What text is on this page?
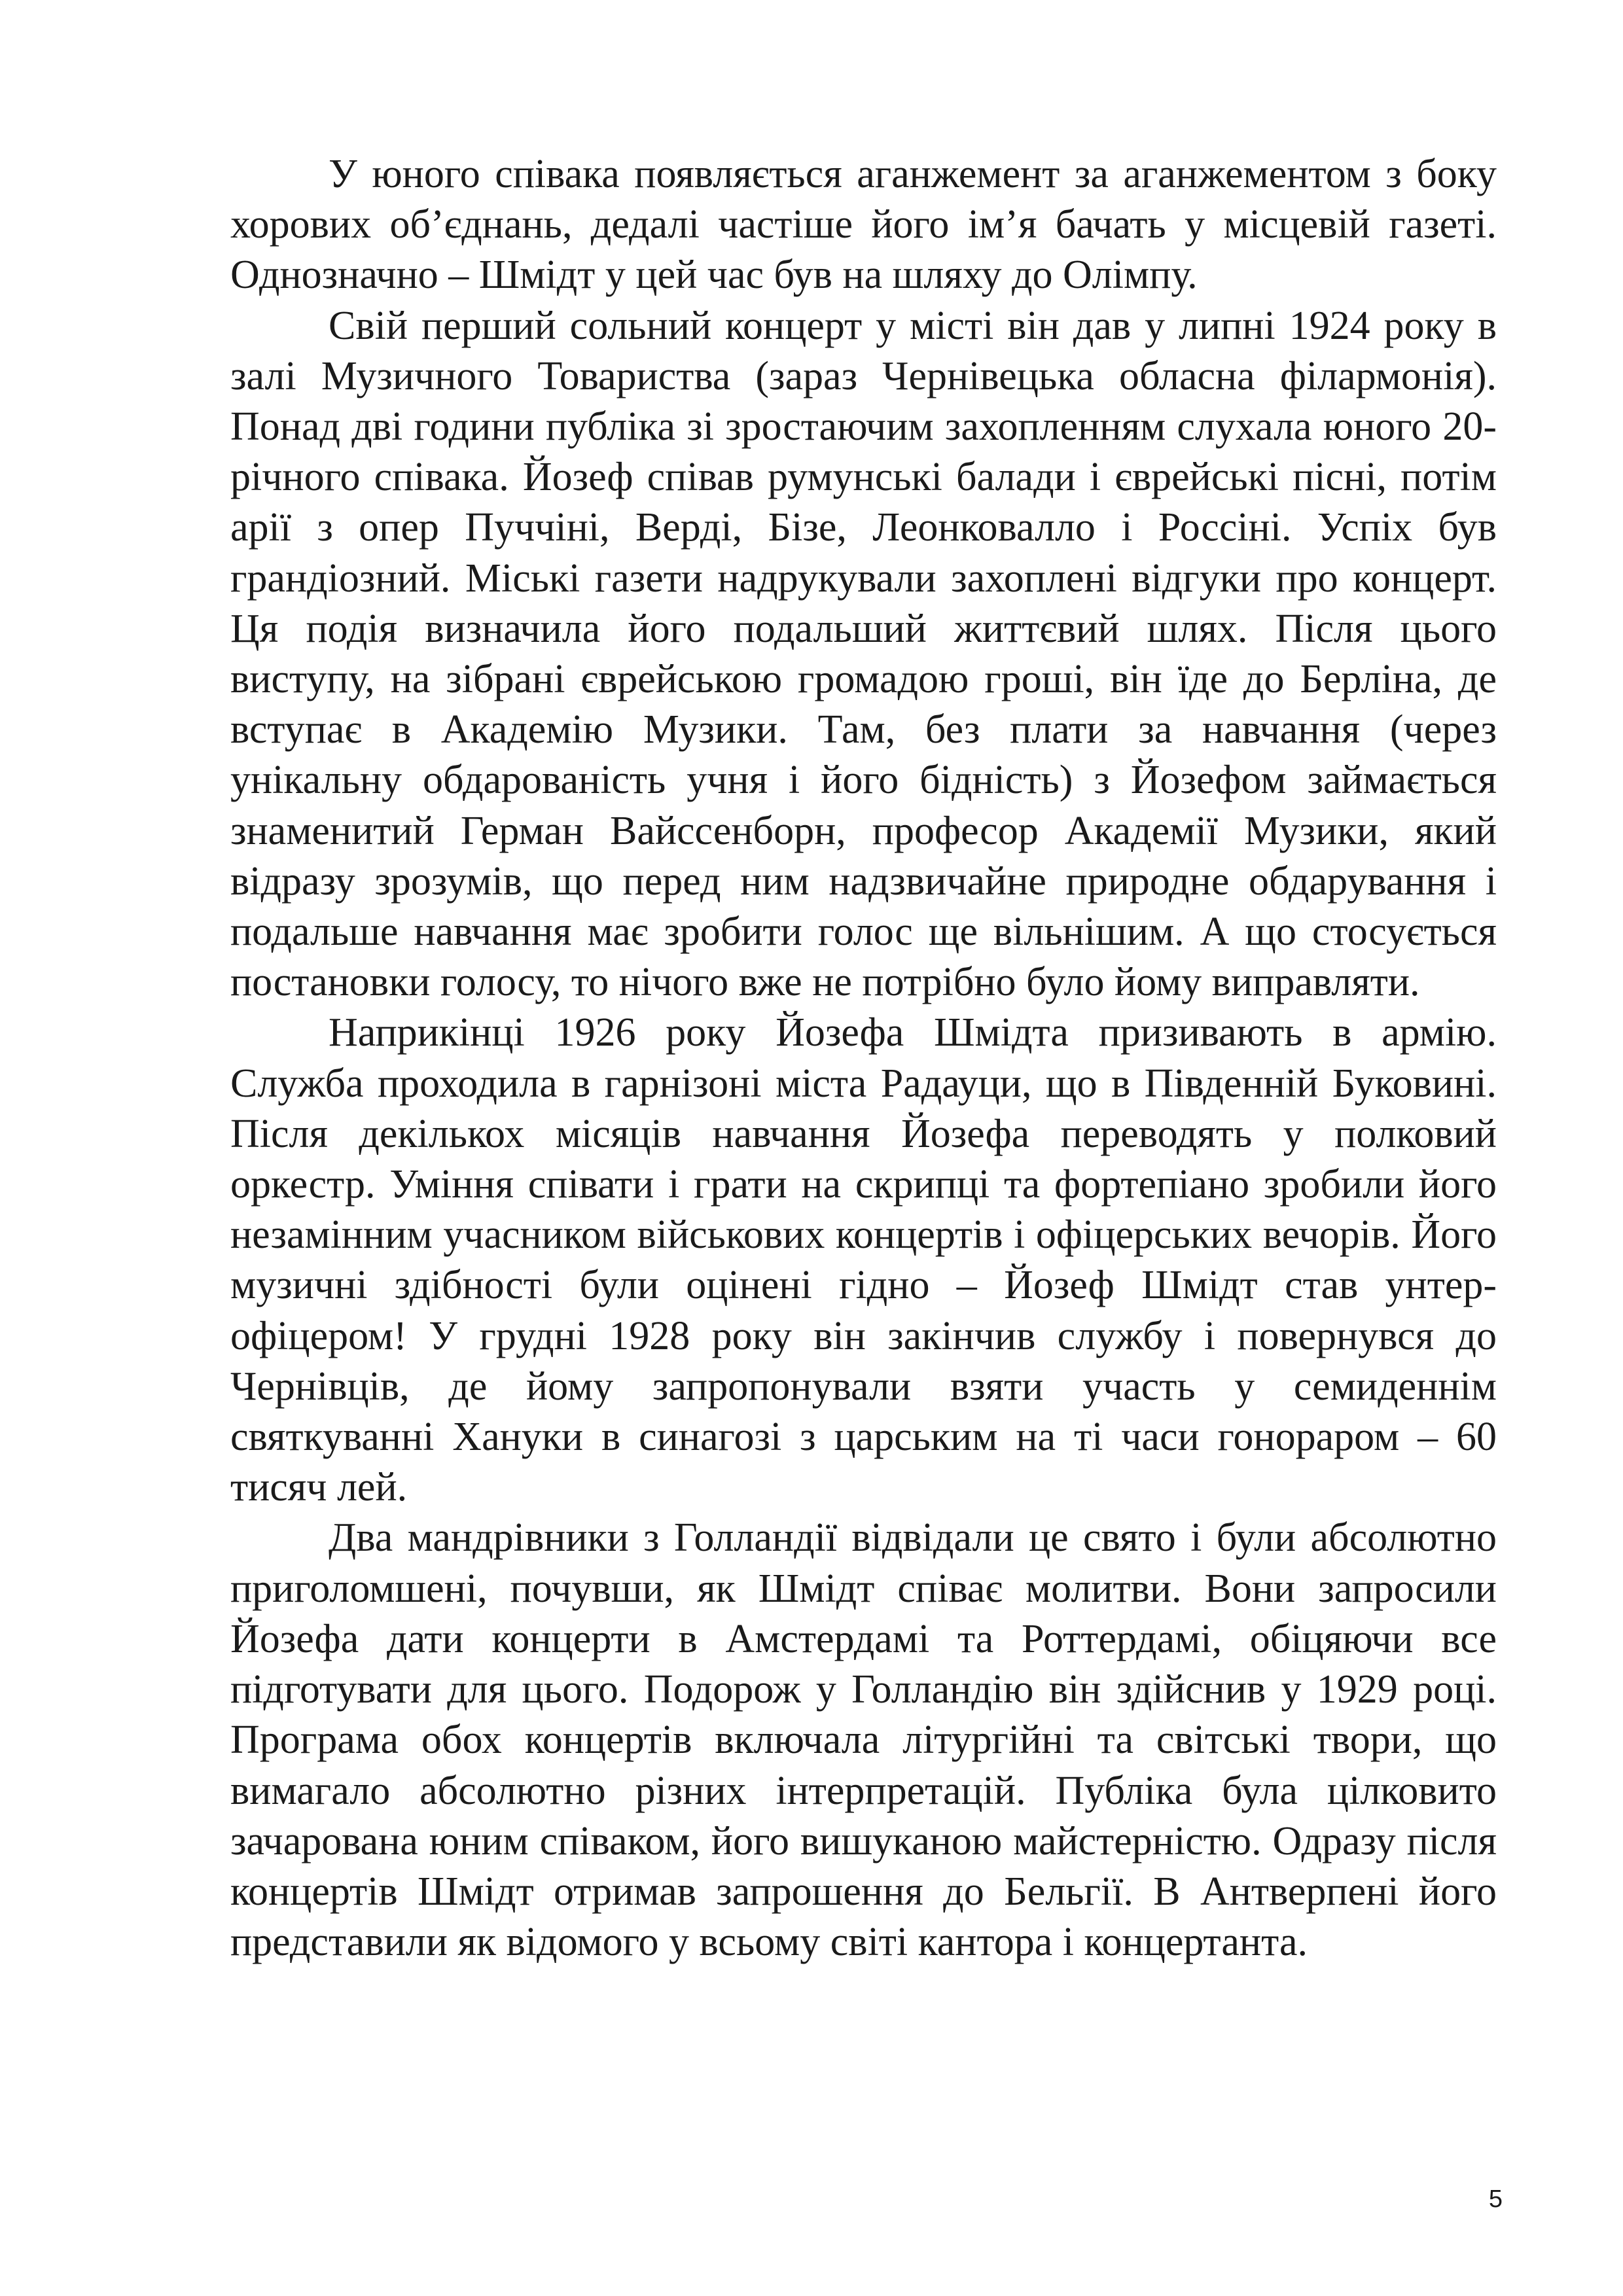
У юного співака появляється аганжемент за аганжементом з боку хорових об’єднань, дедалі частіше його ім’я бачать у місцевій газеті. Однозначно – Шмідт у цей час був на шляху до Олімпу.

Свій перший сольний концерт у місті він дав у липні 1924 року в залі Музичного Товариства (зараз Чернівецька обласна філармонія). Понад дві години публіка зі зростаючим захопленням слухала юного 20-річного співака. Йозеф співав румунські балади і єврейські пісні, потім арії з опер Пуччіні, Верді, Бізе, Леонковалло і Россіні. Успіх був грандіозний. Міські газети надрукували захоплені відгуки про концерт. Ця подія визначила його подальший життєвий шлях. Після цього виступу, на зібрані єврейською громадою гроші, він їде до Берліна, де вступає в Академію Музики. Там, без плати за навчання (через унікальну обдарованість учня і його бідність) з Йозефом займається знаменитий Герман Вайссенборн, професор Академії Музики, який відразу зрозумів, що перед ним надзвичайне природне обдарування і подальше навчання має зробити голос ще вільнішим. А що стосується постановки голосу, то нічого вже не потрібно було йому виправляти.

Наприкінці 1926 року Йозефа Шмідта призивають в армію. Служба проходила в гарнізоні міста Радауци, що в Південній Буковині. Після декількох місяців навчання Йозефа переводять у полковий оркестр. Уміння співати і грати на скрипці та фортепіано зробили його незамінним учасником військових концертів і офіцерських вечорів. Його музичні здібності були оцінені гідно – Йозеф Шмідт став унтер-офіцером! У грудні 1928 року він закінчив службу і повернувся до Чернівців, де йому запропонували взяти участь у семиденнім святкуванні Хануки в синагозі з царським на ті часи гонораром – 60 тисяч лей.

Два мандрівники з Голландії відвідали це свято і були абсолютно приголомшені, почувши, як Шмідт співає молитви. Вони запросили Йозефа дати концерти в Амстердамі та Роттердамі, обіцяючи все підготувати для цього. Подорож у Голландію він здійснив у 1929 році. Програма обох концертів включала літургійні та світські твори, що вимагало абсолютно різних інтерпретацій. Публіка була цілковито зачарована юним співаком, його вишуканою майстерністю. Одразу після концертів Шмідт отримав запрошення до Бельгії. В Антверпені його представили як відомого у всьому світі кантора і концертанта.

5
